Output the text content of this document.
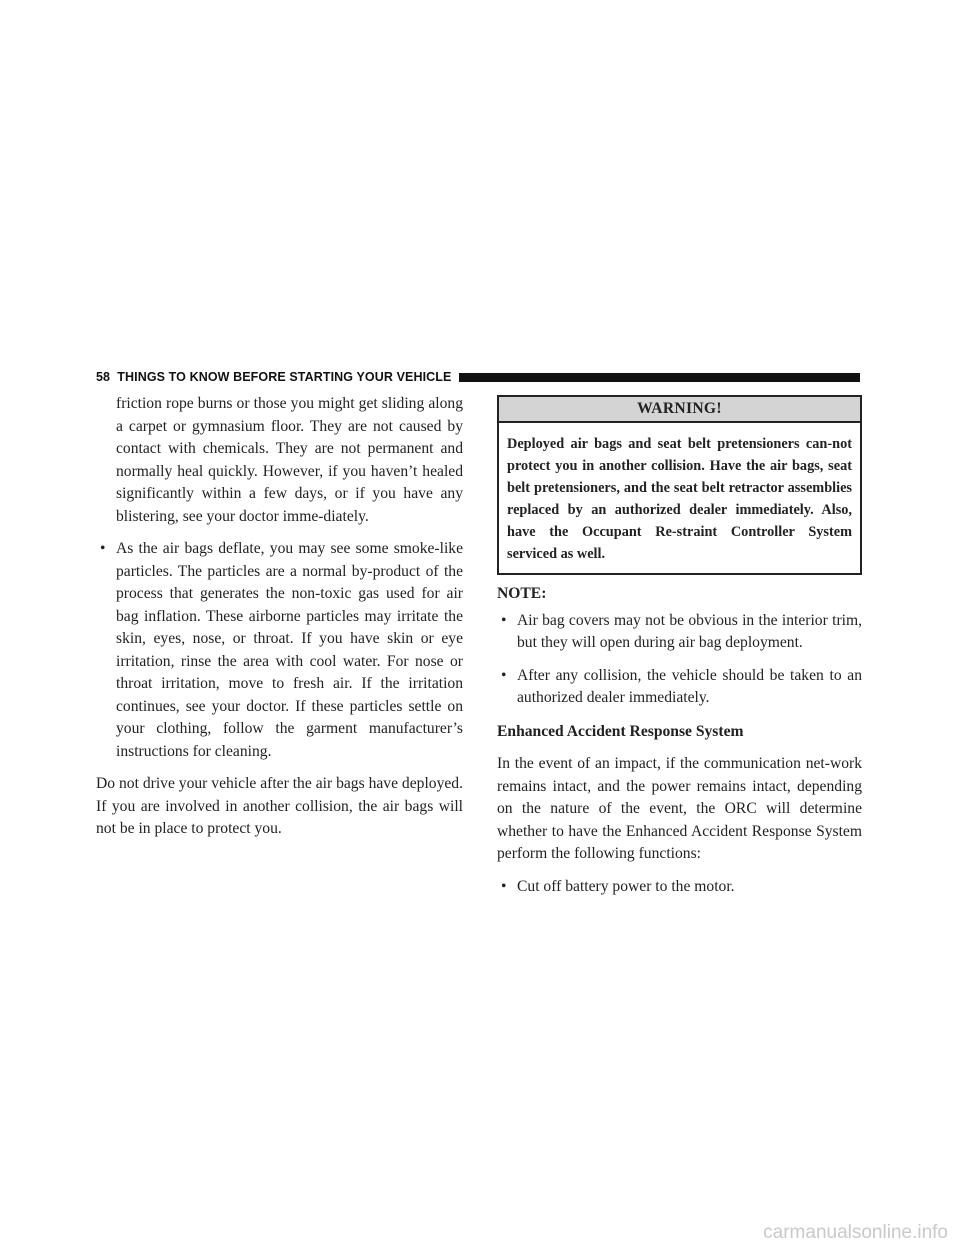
58 THINGS TO KNOW BEFORE STARTING YOUR VEHICLE

friction rope burns or those you might get sliding along a carpet or gymnasium floor. They are not caused by contact with chemicals. They are not permanent and normally heal quickly. However, if you haven’t healed significantly within a few days, or if you have any blistering, see your doctor imme-diately.

• As the air bags deflate, you may see some smoke-like particles. The particles are a normal by-product of the process that generates the non-toxic gas used for air bag inflation. These airborne particles may irritate the skin, eyes, nose, or throat. If you have skin or eye irritation, rinse the area with cool water. For nose or throat irritation, move to fresh air. If the irritation continues, see your doctor. If these particles settle on your clothing, follow the garment manufacturer’s instructions for cleaning.

Do not drive your vehicle after the air bags have deployed. If you are involved in another collision, the air bags will not be in place to protect you.

WARNING!
Deployed air bags and seat belt pretensioners can-not protect you in another collision. Have the air bags, seat belt pretensioners, and the seat belt retractor assemblies replaced by an authorized dealer immediately. Also, have the Occupant Re-straint Controller System serviced as well.

NOTE:

• Air bag covers may not be obvious in the interior trim, but they will open during air bag deployment.

• After any collision, the vehicle should be taken to an authorized dealer immediately.

Enhanced Accident Response System

In the event of an impact, if the communication net-work remains intact, and the power remains intact, depending on the nature of the event, the ORC will determine whether to have the Enhanced Accident Response System perform the following functions:

• Cut off battery power to the motor.

carmanualsonline.info
